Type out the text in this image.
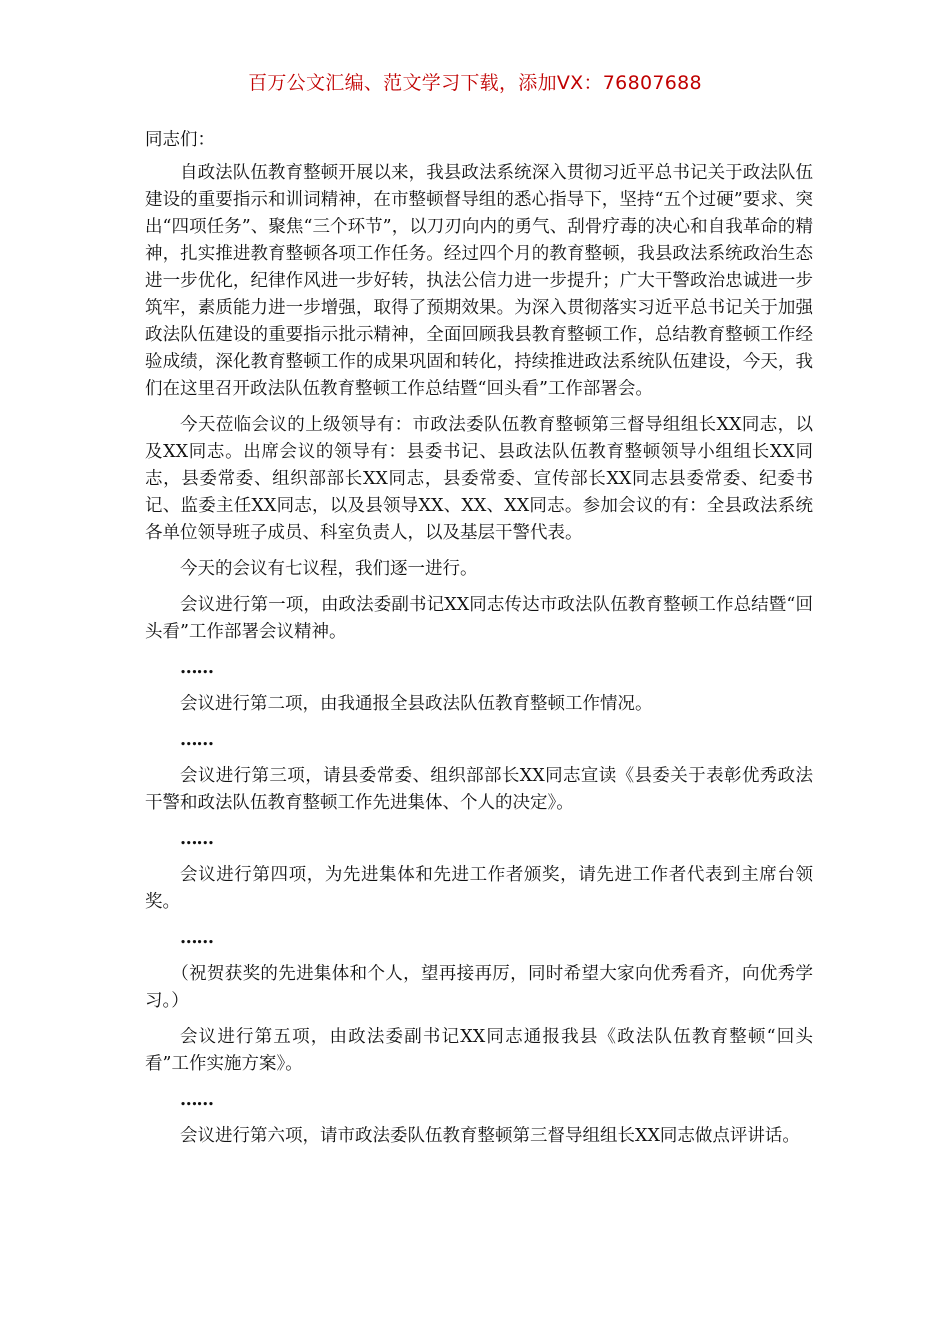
百万公文汇编、范文学习下载，添加VX：76807688

同志们：

自政法队伍教育整顿开展以来，我县政法系统深入贯彻习近平总书记关于政法队伍建设的重要指示和训词精神，在市整顿督导组的悉心指导下，坚持“五个过硬”要求、突出“四项任务”、聚焦“三个环节”，以刀刃向内的勇气、刮骨疗毒的决心和自我革命的精神，扎实推进教育整顿各项工作任务。经过四个月的教育整顿，我县政法系统政治生态进一步优化，纪律作风进一步好转，执法公信力进一步提升；广大干警政治忠诚进一步筑牢，素质能力进一步增强，取得了预期效果。为深入贯彻落实习近平总书记关于加强政法队伍建设的重要指示批示精神，全面回顾我县教育整顿工作，总结教育整顿工作经验成绩，深化教育整顿工作的成果巩固和转化，持续推进政法系统队伍建设，今天，我们在这里召开政法队伍教育整顿工作总结暨“回头看”工作部署会。

今天莅临会议的上级领导有：市政法委队伍教育整顿第三督导组组长XX同志，以及XX同志。出席会议的领导有：县委书记、县政法队伍教育整顿领导小组组长XX同志，县委常委、组织部部长XX同志，县委常委、宣传部长XX同志县委常委、纪委书记、监委主任XX同志，以及县领导XX、XX、XX同志。参加会议的有：全县政法系统各单位领导班子成员、科室负责人，以及基层干警代表。

今天的会议有七议程，我们逐一进行。

会议进行第一项，由政法委副书记XX同志传达市政法队伍教育整顿工作总结暨“回头看”工作部署会议精神。

……

会议进行第二项，由我通报全县政法队伍教育整顿工作情况。

……

会议进行第三项，请县委常委、组织部部长XX同志宣读《县委关于表彰优秀政法干警和政法队伍教育整顿工作先进集体、个人的决定》。

……

会议进行第四项，为先进集体和先进工作者颁奖，请先进工作者代表到主席台领奖。

……

（祝贺获奖的先进集体和个人，望再接再厉，同时希望大家向优秀看齐，向优秀学习。）

会议进行第五项，由政法委副书记XX同志通报我县《政法队伍教育整顿“回头看”工作实施方案》。

……

会议进行第六项，请市政法委队伍教育整顿第三督导组组长XX同志做点评讲话。
